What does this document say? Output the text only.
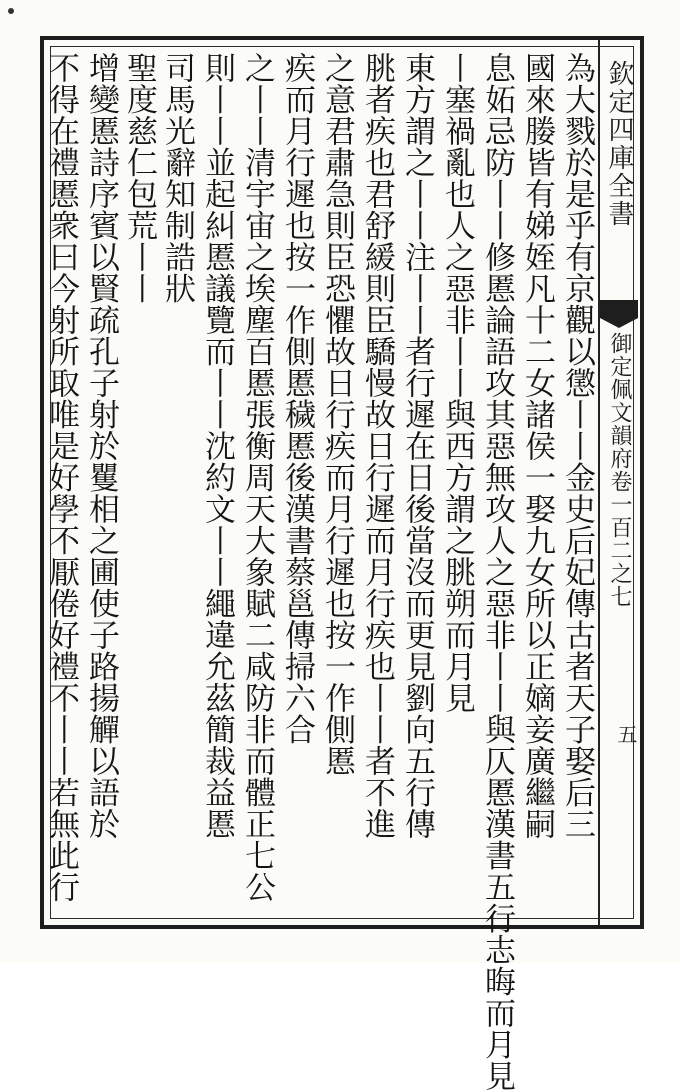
欽定四庫全書
御定佩文韻府卷一百二之七
五
為大戮於是乎有京觀以懲丨丨金史后妃傳古者天子娶后三
國來媵皆有娣姪凡十二女諸侯一娶九女所以正嫡妾廣繼嗣
息妬忌防丨丨修慝論語攻其惡無攻人之惡非丨丨與仄慝漢書五行志晦而月見
丨塞禍亂也人之惡非丨丨與西方謂之朓朔而月見
東方謂之丨丨注丨丨者行遲在日後當沒而更見劉向五行傳
朓者疾也君舒緩則臣驕慢故日行遲而月行疾也丨丨者不進
之意君肅急則臣恐懼故日行疾而月行遲也按一作側慝
疾而月行遲也按一作側慝穢慝後漢書蔡邕傳掃六合
之丨丨清宇宙之埃塵百慝張衡周天大象賦二咸防非而體正七公
則丨丨並起糾慝議覽而丨丨沈約文丨丨繩違允茲簡裁益慝
司馬光辭知制誥狀
聖度慈仁包荒丨丨
增變慝詩序賓以賢疏孔子射於矍相之圃使子路揚觶以語於
不得在禮慝衆曰今射所取唯是好學不厭倦好禮不丨丨若無此行
